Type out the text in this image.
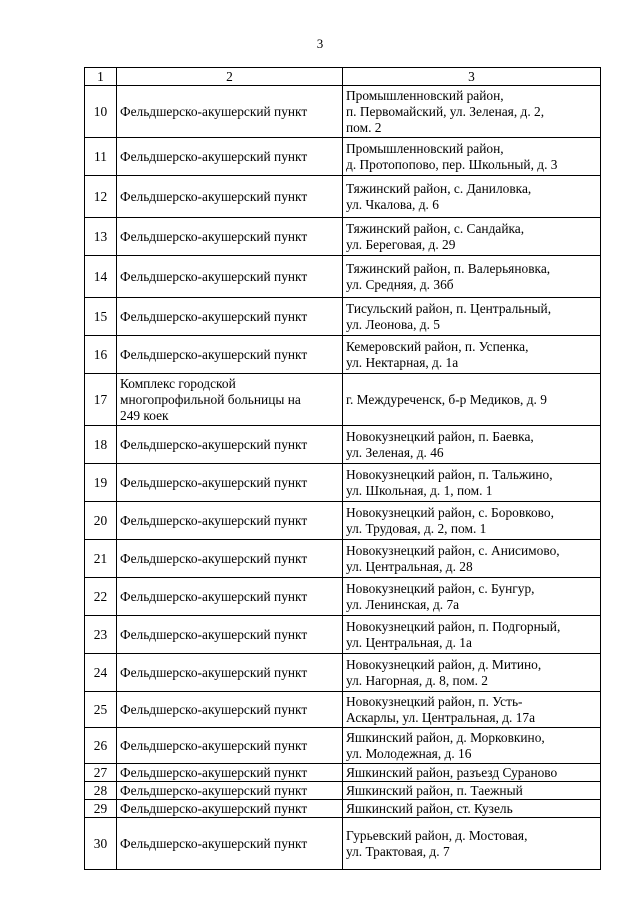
3
1	2	3
10	Фельдшерско-акушерский пункт	Промышленновский район,
п. Первомайский, ул. Зеленая, д. 2,
пом. 2

11	Фельдшерско-акушерский пункт	Промышленновский район,
д. Протопопово, пер. Школьный, д. 3

12	Фельдшерско-акушерский пункт	Тяжинский район, с. Даниловка,
ул. Чкалова, д. 6

13	Фельдшерско-акушерский пункт	Тяжинский район, с. Сандайка,
ул. Береговая, д. 29

14	Фельдшерско-акушерский пункт	Тяжинский район, п. Валерьяновка,
ул. Средняя, д. 36б

15	Фельдшерско-акушерский пункт	Тисульский район, п. Центральный,
ул. Леонова, д. 5

16	Фельдшерско-акушерский пункт	Кемеровский район, п. Успенка,
ул. Нектарная, д. 1а

17	Комплекс городской
многопрофильной больницы на
249 коек	г. Междуреченск, б-р Медиков, д. 9

18	Фельдшерско-акушерский пункт	Новокузнецкий район, п. Баевка,
ул. Зеленая, д. 46

19	Фельдшерско-акушерский пункт	Новокузнецкий район, п. Тальжино,
ул. Школьная, д. 1, пом. 1

20	Фельдшерско-акушерский пункт	Новокузнецкий район, с. Боровково,
ул. Трудовая, д. 2, пом. 1

21	Фельдшерско-акушерский пункт	Новокузнецкий район, с. Анисимово,
ул. Центральная, д. 28

22	Фельдшерско-акушерский пункт	Новокузнецкий район, с. Бунгур,
ул. Ленинская, д. 7а

23	Фельдшерско-акушерский пункт	Новокузнецкий район, п. Подгорный,
ул. Центральная, д. 1а

24	Фельдшерско-акушерский пункт	Новокузнецкий район, д. Митино,
ул. Нагорная, д. 8, пом. 2

25	Фельдшерско-акушерский пункт	Новокузнецкий район, п. Усть-
Аскарлы, ул. Центральная, д. 17а

26	Фельдшерско-акушерский пункт	Яшкинский район, д. Морковкино,
ул. Молодежная, д. 16

27	Фельдшерско-акушерский пункт	Яшкинский район, разъезд Сураново

28	Фельдшерско-акушерский пункт	Яшкинский район, п. Таежный

29	Фельдшерско-акушерский пункт	Яшкинский район, ст. Кузель

30	Фельдшерско-акушерский пункт	Гурьевский район, д. Мостовая,
ул. Трактовая, д. 7
